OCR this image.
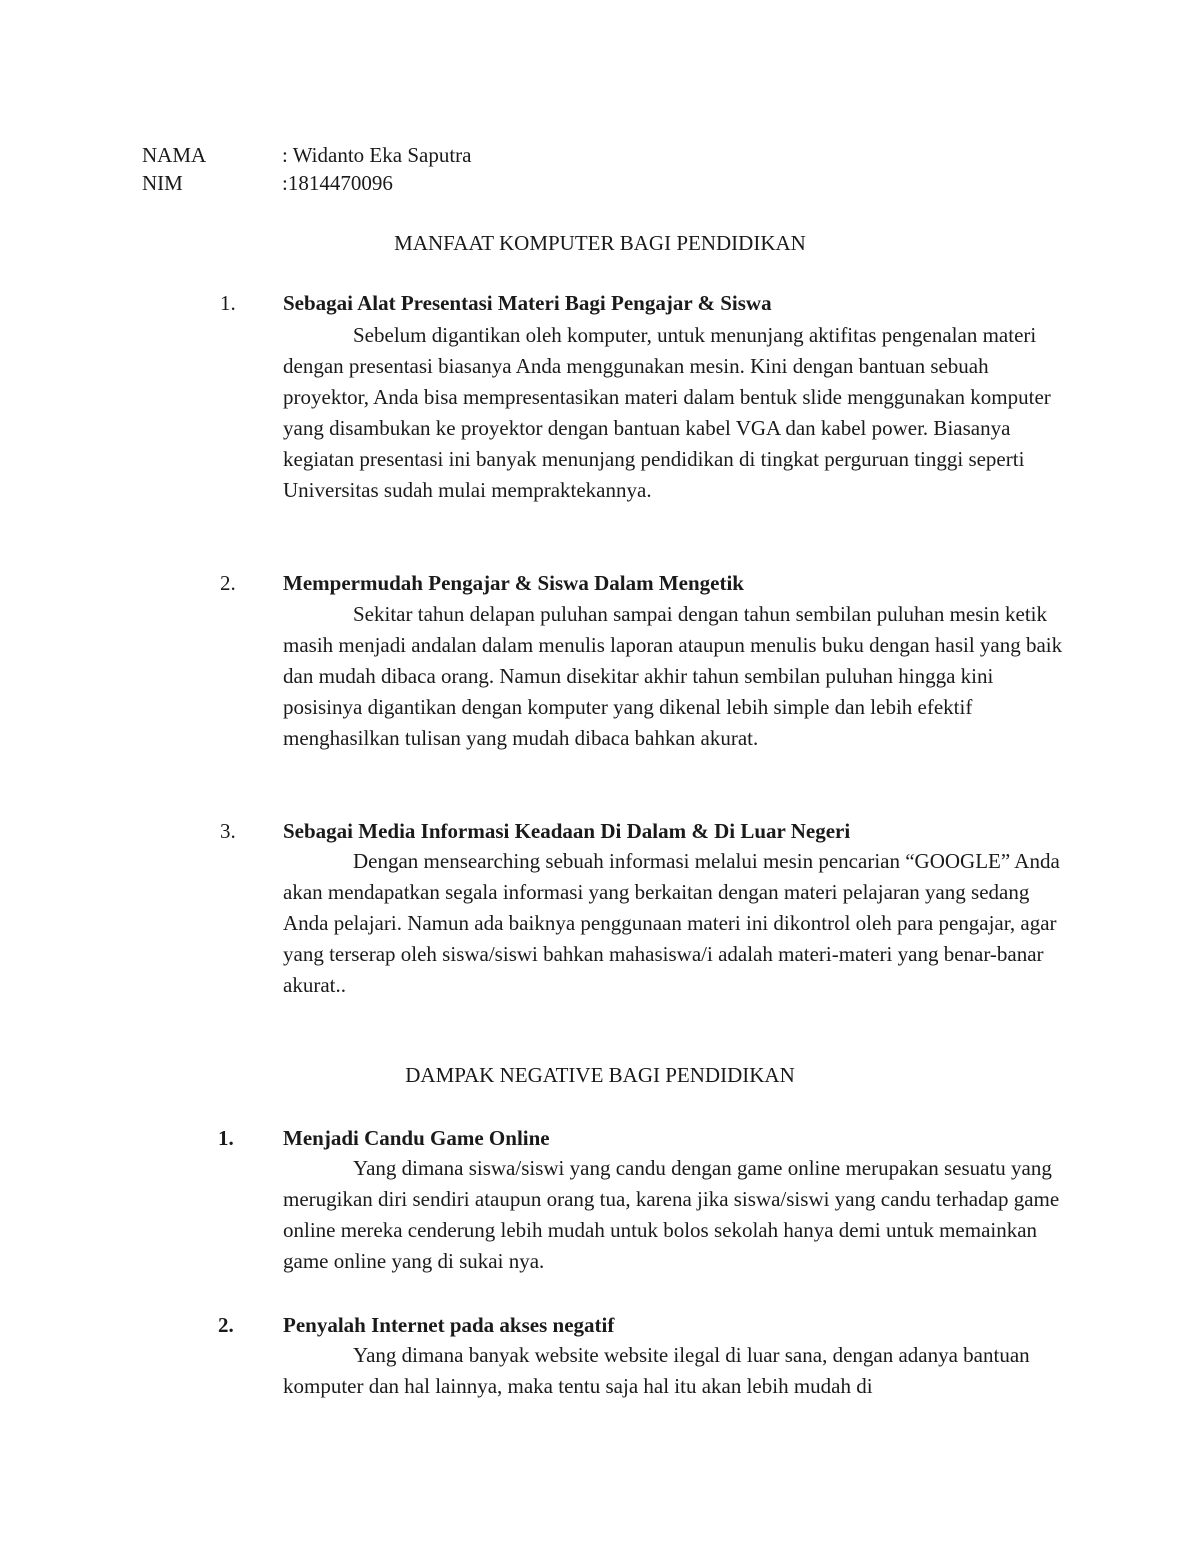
NAMA	: Widanto Eka Saputra
NIM	:1814470096
MANFAAT KOMPUTER BAGI PENDIDIKAN
1. Sebagai Alat Presentasi Materi Bagi Pengajar & Siswa

Sebelum digantikan oleh komputer, untuk menunjang aktifitas pengenalan materi dengan presentasi biasanya Anda menggunakan mesin. Kini dengan bantuan sebuah proyektor, Anda bisa mempresentasikan materi dalam bentuk slide menggunakan komputer yang disambukan ke proyektor dengan bantuan kabel VGA dan kabel power. Biasanya kegiatan presentasi ini banyak menunjang pendidikan di tingkat perguruan tinggi seperti Universitas sudah mulai mempraktekannya.

2. Mempermudah Pengajar & Siswa Dalam Mengetik

Sekitar tahun delapan puluhan sampai dengan tahun sembilan puluhan mesin ketik masih menjadi andalan dalam menulis laporan ataupun menulis buku dengan hasil yang baik dan mudah dibaca orang. Namun disekitar akhir tahun sembilan puluhan hingga kini posisinya digantikan dengan komputer yang dikenal lebih simple dan lebih efektif menghasilkan tulisan yang mudah dibaca bahkan akurat.

3. Sebagai Media Informasi Keadaan Di Dalam & Di Luar Negeri

Dengan mensearching sebuah informasi melalui mesin pencarian “GOOGLE” Anda akan mendapatkan segala informasi yang berkaitan dengan materi pelajaran yang sedang Anda pelajari. Namun ada baiknya penggunaan materi ini dikontrol oleh para pengajar, agar yang terserap oleh siswa/siswi bahkan mahasiswa/i adalah materi-materi yang benar-banar akurat..

DAMPAK NEGATIVE BAGI PENDIDIKAN
1. Menjadi Candu Game Online

Yang dimana siswa/siswi yang candu dengan game online merupakan sesuatu yang merugikan diri sendiri ataupun orang tua, karena jika siswa/siswi yang candu terhadap game online mereka cenderung lebih mudah untuk bolos sekolah hanya demi untuk memainkan game online yang di sukai nya.

2. Penyalah Internet pada akses negatif

Yang dimana banyak website website ilegal di luar sana, dengan adanya bantuan komputer dan hal lainnya, maka tentu saja hal itu akan lebih mudah di
